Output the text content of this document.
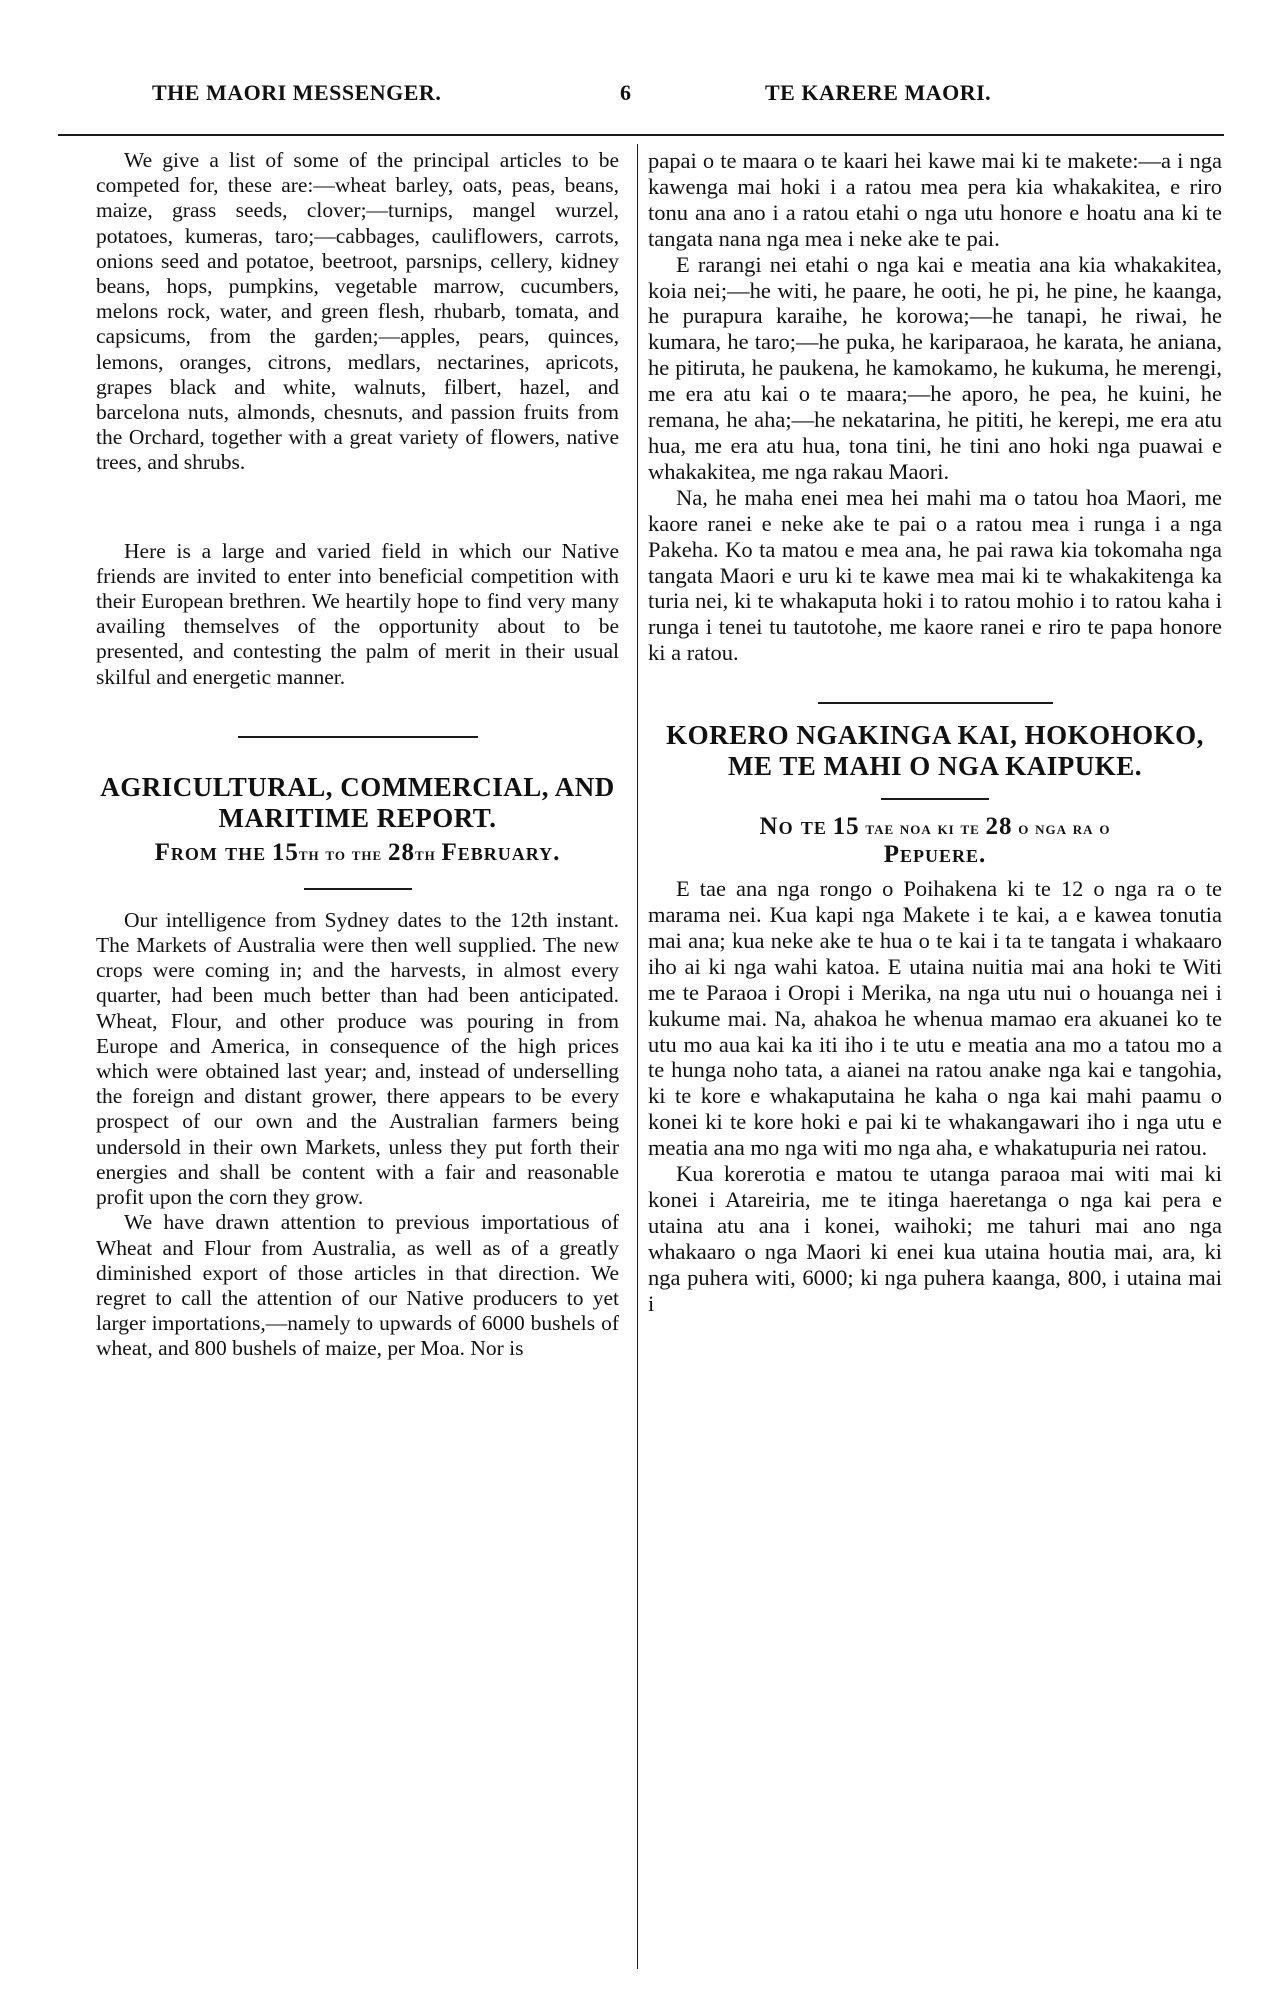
THE MAORI MESSENGER.	6	TE KARERE MAORI.

We give a list of some of the principal articles to be competed for, these are:—wheat barley, oats, peas, beans, maize, grass seeds, clover;—turnips, mangel wurzel, potatoes, kumeras, taro;—cabbages, cauliflowers, carrots, onions seed and potatoe, beetroot, parsnips, cellery, kidney beans, hops, pumpkins, vegetable marrow, cucumbers, melons rock, water, and green flesh, rhubarb, tomata, and capsicums, from the garden;—apples, pears, quinces, lemons, oranges, citrons, medlars, nectarines, apricots, grapes black and white, walnuts, filbert, hazel, and barcelona nuts, almonds, chesnuts, and passion fruits from the Orchard, together with a great variety of flowers, native trees, and shrubs.

Here is a large and varied field in which our Native friends are invited to enter into beneficial competition with their European brethren. We heartily hope to find very many availing themselves of the opportunity about to be presented, and contesting the palm of merit in their usual skilful and energetic manner.

AGRICULTURAL, COMMERCIAL, AND MARITIME REPORT.

From the 15th to the 28th February.

Our intelligence from Sydney dates to the 12th instant. The Markets of Australia were then well supplied. The new crops were coming in; and the harvests, in almost every quarter, had been much better than had been anticipated. Wheat, Flour, and other produce was pouring in from Europe and America, in consequence of the high prices which were obtained last year; and, instead of underselling the foreign and distant grower, there appears to be every prospect of our own and the Australian farmers being undersold in their own Markets, unless they put forth their energies and shall be content with a fair and reasonable profit upon the corn they grow.

We have drawn attention to previous importatious of Wheat and Flour from Australia, as well as of a greatly diminished export of those articles in that direction. We regret to call the attention of our Native producers to yet larger importations,—namely to upwards of 6000 bushels of wheat, and 800 bushels of maize, per Moa. Nor is

papai o te maara o te kaari hei kawe mai ki te makete:—a i nga kawenga mai hoki i a ratou mea pera kia whakakitea, e riro tonu ana ano i a ratou etahi o nga utu honore e hoatu ana ki te tangata nana nga mea i neke ake te pai.

E rarangi nei etahi o nga kai e meatia ana kia whakakitea, koia nei;—he witi, he paare, he ooti, he pi, he pine, he kaanga, he purapura karaihe, he korowa;—he tanapi, he riwai, he kumara, he taro;—he puka, he kariparaoa, he karata, he aniana, he pitiruta, he paukena, he kamokamo, he kukuma, he merengi, me era atu kai o te maara;—he aporo, he pea, he kuini, he remana, he aha;—he nekatarina, he pititi, he kerepi, me era atu hua, me era atu hua, tona tini, he tini ano hoki nga puawai e whakakitea, me nga rakau Maori.

Na, he maha enei mea hei mahi ma o tatou hoa Maori, me kaore ranei e neke ake te pai o a ratou mea i runga i a nga Pakeha. Ko ta matou e mea ana, he pai rawa kia tokomaha nga tangata Maori e uru ki te kawe mea mai ki te whakakitenga ka turia nei, ki te whakaputa hoki i to ratou mohio i to ratou kaha i runga i tenei tu tautotohe, me kaore ranei e riro te papa honore ki a ratou.

KORERO NGAKINGA KAI, HOKOHOKO, ME TE MAHI O NGA KAIPUKE.

No te 15 tae noa ki te 28 o nga ra o
Pepuere.

E tae ana nga rongo o Poihakena ki te 12 o nga ra o te marama nei. Kua kapi nga Makete i te kai, a e kawea tonutia mai ana; kua neke ake te hua o te kai i ta te tangata i whakaaro iho ai ki nga wahi katoa. E utaina nuitia mai ana hoki te Witi me te Paraoa i Oropi i Merika, na nga utu nui o houanga nei i kukume mai. Na, ahakoa he whenua mamao era akuanei ko te utu mo aua kai ka iti iho i te utu e meatia ana mo a tatou mo a te hunga noho tata, a aianei na ratou anake nga kai e tangohia, ki te kore e whakaputaina he kaha o nga kai mahi paamu o konei ki te kore hoki e pai ki te whakangawari iho i nga utu e meatia ana mo nga witi mo nga aha, e whakatupuria nei ratou.

Kua korerotia e matou te utanga paraoa mai witi mai ki konei i Atareiria, me te itinga haeretanga o nga kai pera e utaina atu ana i konei, waihoki; me tahuri mai ano nga whakaaro o nga Maori ki enei kua utaina houtia mai, ara, ki nga puhera witi, 6000; ki nga puhera kaanga, 800, i utaina mai i
